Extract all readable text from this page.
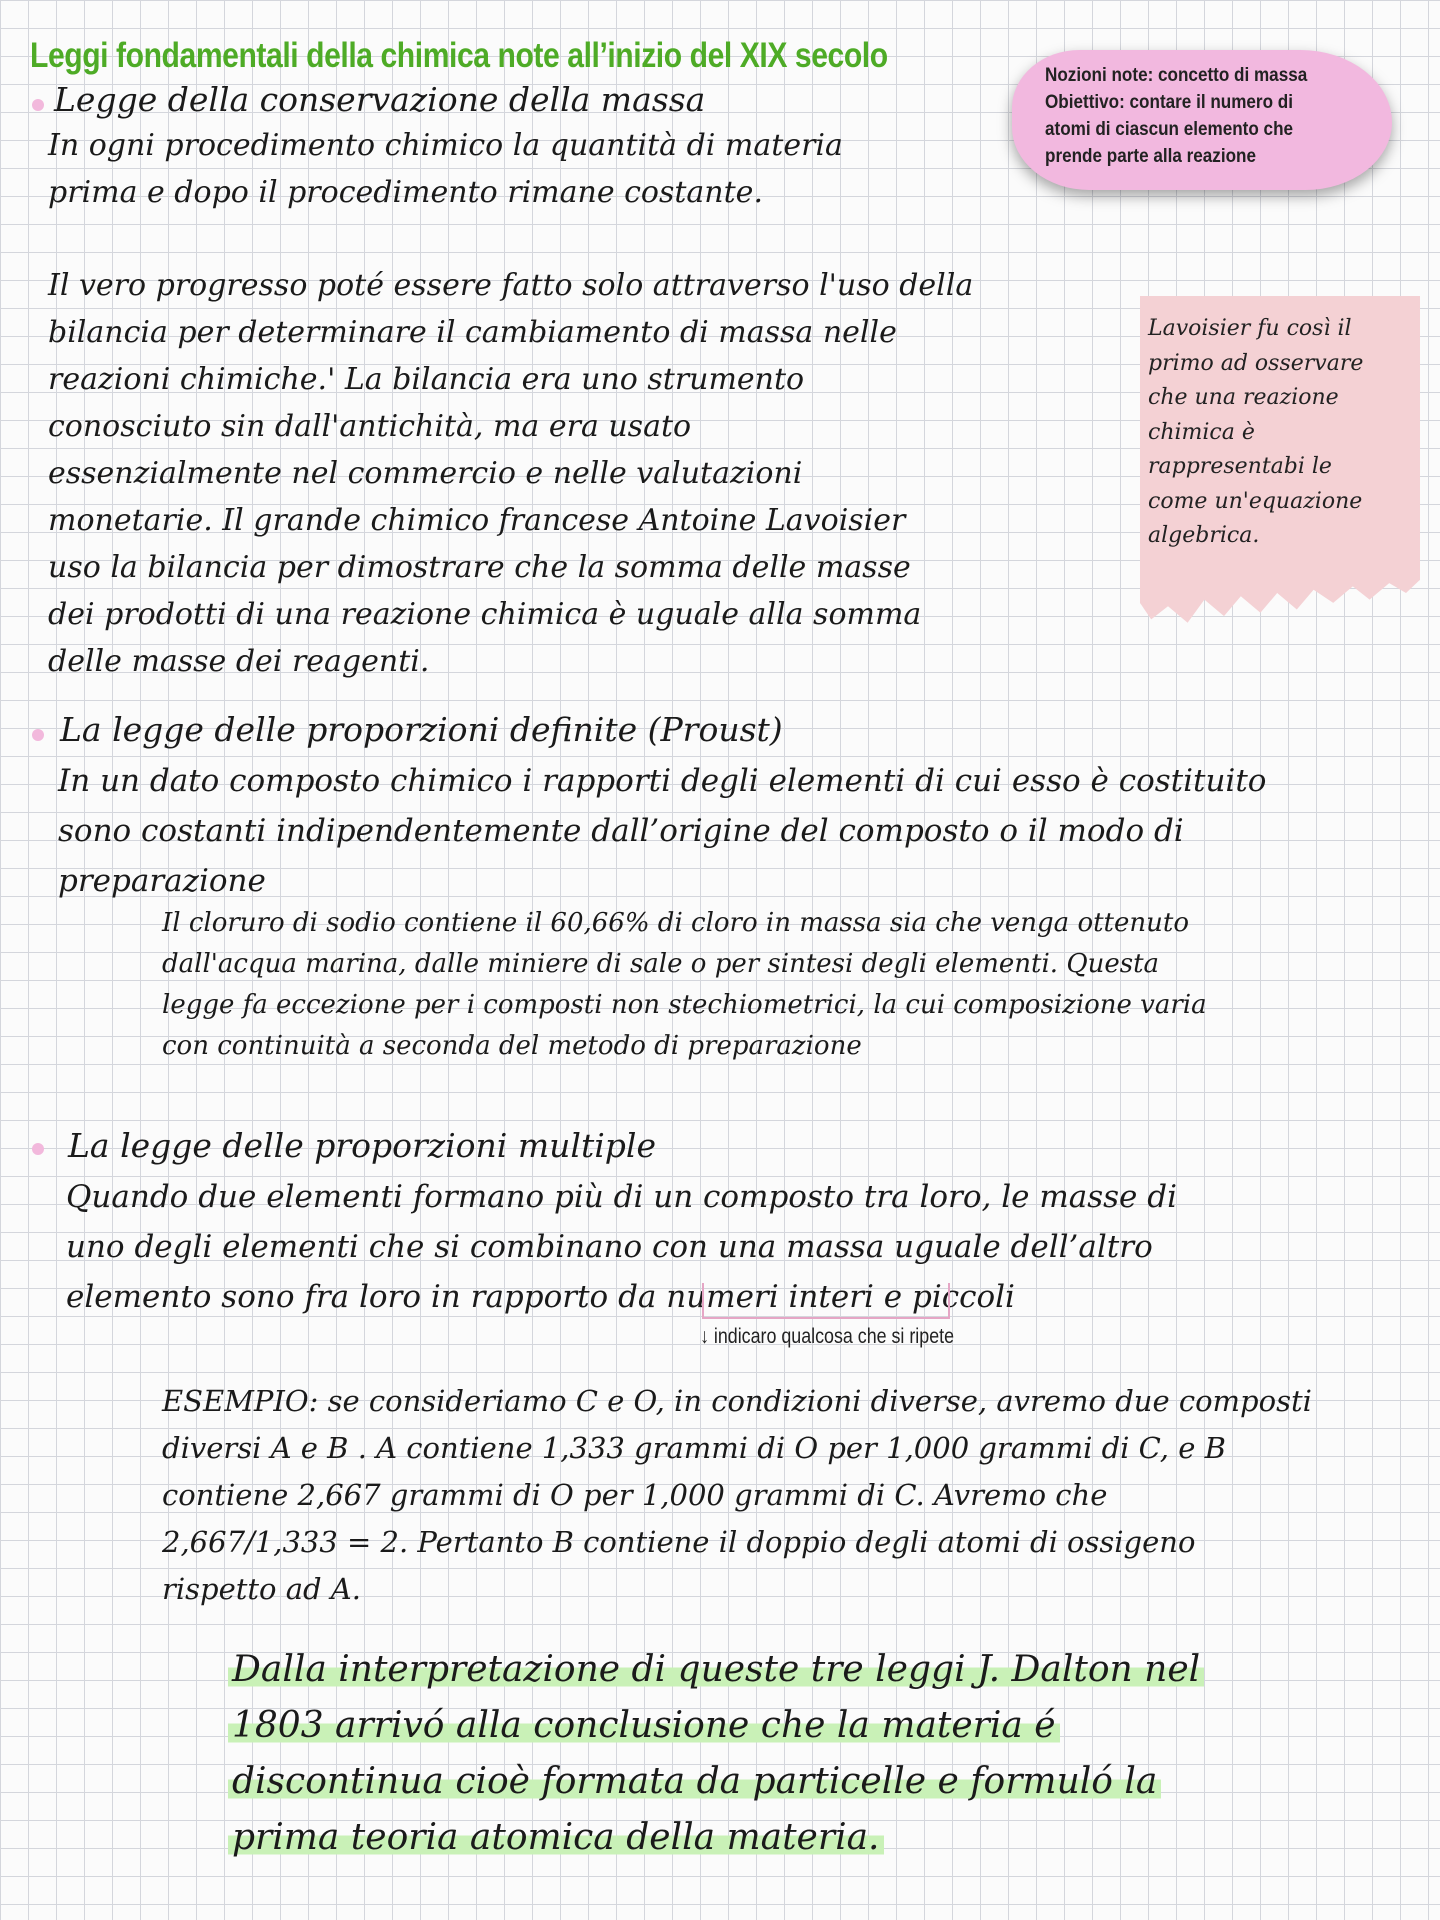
Leggi fondamentali della chimica note all’inizio del XIX secolo
Nozioni note: concetto di massa
Obiettivo: contare il numero di
atomi di ciascun elemento che
prende parte alla reazione
Legge della conservazione della massa
In ogni procedimento chimico la quantità di materia
prima e dopo il procedimento rimane costante.
Il vero progresso poté essere fatto solo attraverso l'uso della
bilancia per determinare il cambiamento di massa nelle
reazioni chimiche.' La bilancia era uno strumento
conosciuto sin dall'antichità, ma era usato
essenzialmente nel commercio e nelle valutazioni
monetarie. Il grande chimico francese Antoine Lavoisier
uso la bilancia per dimostrare che la somma delle masse
dei prodotti di una reazione chimica è uguale alla somma
delle masse dei reagenti.
Lavoisier fu così il
primo ad osservare
che una reazione
chimica è
rappresentabi le
come un'equazione
algebrica.
La legge delle proporzioni definite (Proust)
In un dato composto chimico i rapporti degli elementi di cui esso è costituito
sono costanti indipendentemente dall’origine del composto o il modo di
preparazione
Il cloruro di sodio contiene il 60,66% di cloro in massa sia che venga ottenuto
dall'acqua marina, dalle miniere di sale o per sintesi degli elementi. Questa
legge fa eccezione per i composti non stechiometrici, la cui composizione varia
con continuità a seconda del metodo di preparazione
La legge delle proporzioni multiple
Quando due elementi formano più di un composto tra loro, le masse di
uno degli elementi che si combinano con una massa uguale dell’altro
elemento sono fra loro in rapporto da numeri interi e piccoli
↓ indicaro qualcosa che si ripete
ESEMPIO: se consideriamo C e O, in condizioni diverse, avremo due composti
diversi A e B . A contiene 1,333 grammi di O per 1,000 grammi di C, e B
contiene 2,667 grammi di O per 1,000 grammi di C. Avremo che
2,667/1,333 = 2. Pertanto B contiene il doppio degli atomi di ossigeno
rispetto ad A.
Dalla interpretazione di queste tre leggi J. Dalton nel
1803 arrivó alla conclusione che la materia é
discontinua cioè formata da particelle e formuló la
prima teoria atomica della materia.
